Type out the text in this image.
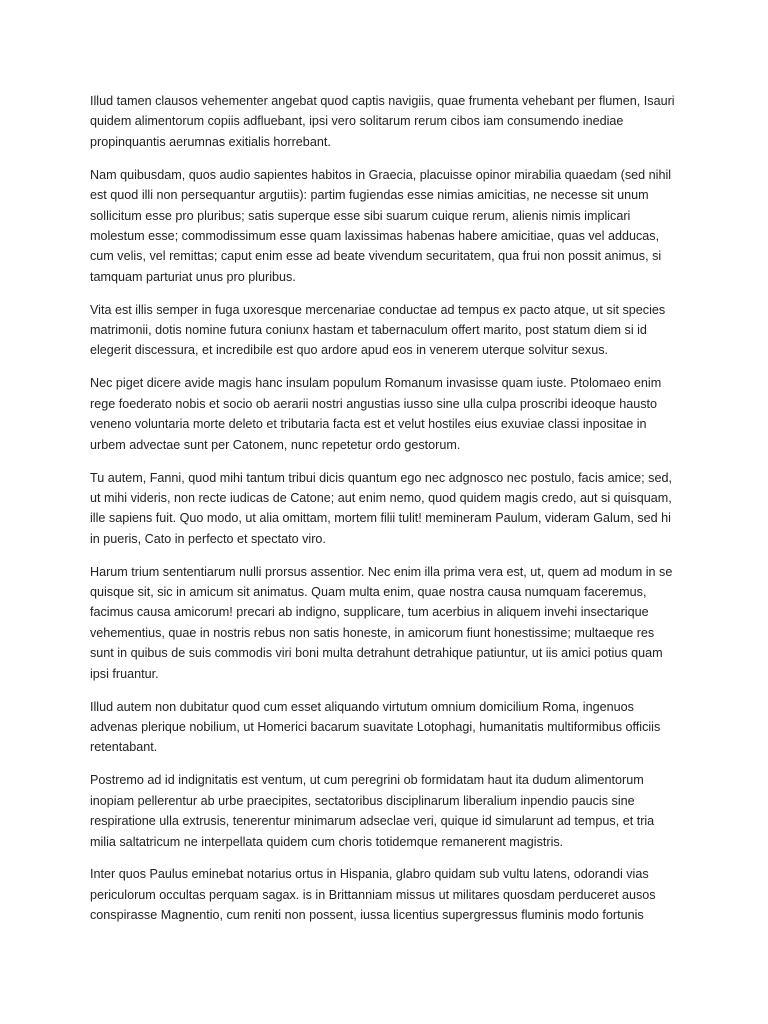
Illud tamen clausos vehementer angebat quod captis navigiis, quae frumenta vehebant per flumen, Isauri quidem alimentorum copiis adfluebant, ipsi vero solitarum rerum cibos iam consumendo inediae propinquantis aerumnas exitialis horrebant.

Nam quibusdam, quos audio sapientes habitos in Graecia, placuisse opinor mirabilia quaedam (sed nihil est quod illi non persequantur argutiis): partim fugiendas esse nimias amicitias, ne necesse sit unum sollicitum esse pro pluribus; satis superque esse sibi suarum cuique rerum, alienis nimis implicari molestum esse; commodissimum esse quam laxissimas habenas habere amicitiae, quas vel adducas, cum velis, vel remittas; caput enim esse ad beate vivendum securitatem, qua frui non possit animus, si tamquam parturiat unus pro pluribus.

Vita est illis semper in fuga uxoresque mercenariae conductae ad tempus ex pacto atque, ut sit species matrimonii, dotis nomine futura coniunx hastam et tabernaculum offert marito, post statum diem si id elegerit discessura, et incredibile est quo ardore apud eos in venerem uterque solvitur sexus.

Nec piget dicere avide magis hanc insulam populum Romanum invasisse quam iuste. Ptolomaeo enim rege foederato nobis et socio ob aerarii nostri angustias iusso sine ulla culpa proscribi ideoque hausto veneno voluntaria morte deleto et tributaria facta est et velut hostiles eius exuviae classi inpositae in urbem advectae sunt per Catonem, nunc repetetur ordo gestorum.

Tu autem, Fanni, quod mihi tantum tribui dicis quantum ego nec adgnosco nec postulo, facis amice; sed, ut mihi videris, non recte iudicas de Catone; aut enim nemo, quod quidem magis credo, aut si quisquam, ille sapiens fuit. Quo modo, ut alia omittam, mortem filii tulit! memineram Paulum, videram Galum, sed hi in pueris, Cato in perfecto et spectato viro.

Harum trium sententiarum nulli prorsus assentior. Nec enim illa prima vera est, ut, quem ad modum in se quisque sit, sic in amicum sit animatus. Quam multa enim, quae nostra causa numquam faceremus, facimus causa amicorum! precari ab indigno, supplicare, tum acerbius in aliquem invehi insectarique vehementius, quae in nostris rebus non satis honeste, in amicorum fiunt honestissime; multaeque res sunt in quibus de suis commodis viri boni multa detrahunt detrahique patiuntur, ut iis amici potius quam ipsi fruantur.

Illud autem non dubitatur quod cum esset aliquando virtutum omnium domicilium Roma, ingenuos advenas plerique nobilium, ut Homerici bacarum suavitate Lotophagi, humanitatis multiformibus officiis retentabant.

Postremo ad id indignitatis est ventum, ut cum peregrini ob formidatam haut ita dudum alimentorum inopiam pellerentur ab urbe praecipites, sectatoribus disciplinarum liberalium inpendio paucis sine respiratione ulla extrusis, tenerentur minimarum adseclae veri, quique id simularunt ad tempus, et tria milia saltatricum ne interpellata quidem cum choris totidemque remanerent magistris.

Inter quos Paulus eminebat notarius ortus in Hispania, glabro quidam sub vultu latens, odorandi vias periculorum occultas perquam sagax. is in Brittanniam missus ut militares quosdam perduceret ausos conspirasse Magnentio, cum reniti non possent, iussa licentius supergressus fluminis modo fortunis
